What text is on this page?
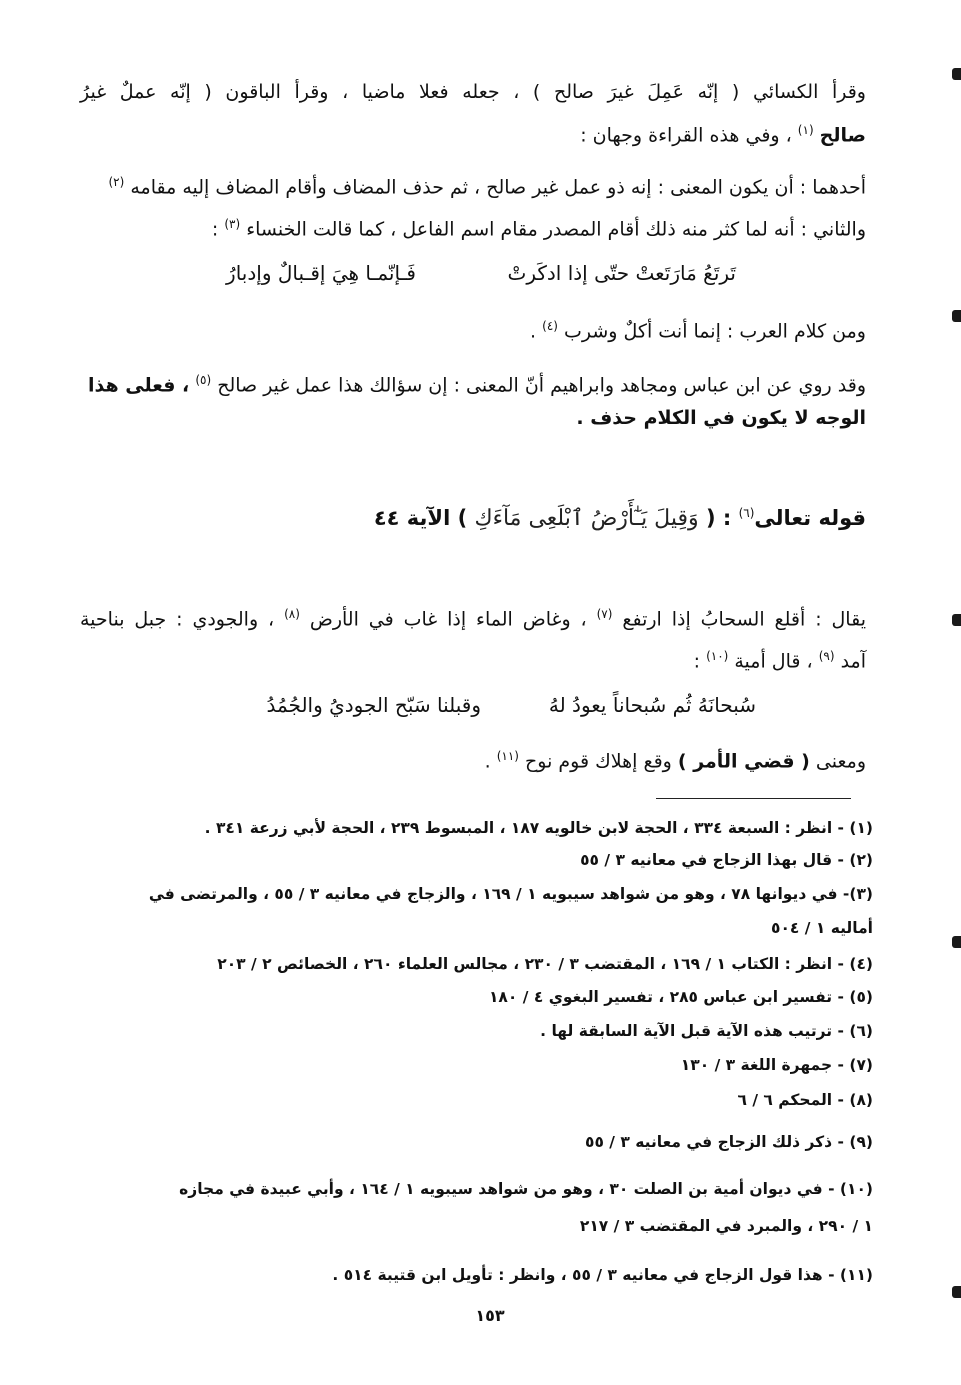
وقرأ الكسائي ( إنّه عَمِلَ غيرَ صالح ) ، جعله فعلا ماضيا ، وقرأ الباقون ( إنّه عملٌ غيرُ
صالح $^{(١)}$ ، وفي هذه القراءة وجهان :
أحدهما : أن يكون المعنى : إنه ذو عمل غير صالح ، ثم حذف المضاف وأقام المضاف إليه مقامه $^{(٢)}$
والثاني : أنه لما كثر منه ذلك أقام المصدر مقام اسم الفاعل ، كما قالت الخنساء $^{(٣)}$ :
تَرتَعُ مَارَتَعتْ حتّى إذا ادكَرتْ
فَـإنّمـا هِيَ إقـبالٌ وإدبارُ
ومن كلام العرب : إنما أنت أكلٌ وشرب $^{(٤)}$ .
وقد روي عن ابن عباس ومجاهد وابراهيم أنّ المعنى : إن سؤالك هذا عمل غير صالح $^{(٥)}$ ، فعلى هذا
الوجه لا يكون في الكلام حذف .
قوله تعالى$^{(٦)}$ : ( وَقِيلَ يَـٰٓأَرْضُ ٱبْلَعِى مَآءَكِ ) الآية ٤٤
يقال : أقلع السحابُ إذا ارتفع $^{(٧)}$ ، وغاض الماء إذا غاب في الأرض $^{(٨)}$ ، والجودي : جبل بناحية
آمد $^{(٩)}$ ، قال أمية $^{(١٠)}$ :
سُبحانَهُ ثُم سُبحاناً يعودُ لهُ
وقبلنا سَبّح الجوديُ والجُمُدُ
ومعنى ( قضي الأمر ) وقع إهلاك قوم نوح $^{(١١)}$ .
(١) - انظر : السبعة ٣٣٤ ، الحجة لابن خالويه ١٨٧ ، المبسوط ٢٣٩ ، الحجة لأبي زرعة ٣٤١ .
(٢) - قال بهذا الزجاج في معانيه ٣ / ٥٥
(٣)- في ديوانها ٧٨ ، وهو من شواهد سيبويه ١ / ١٦٩ ، والزجاج في معانيه ٣ / ٥٥ ، والمرتضى في
أماليه ١ / ٥٠٤
(٤) - انظر : الكتاب ١ / ١٦٩ ، المقتضب ٣ / ٢٣٠ ، مجالس العلماء ٢٦٠ ، الخصائص ٢ / ٢٠٣
(٥) - تفسير ابن عباس ٢٨٥ ، تفسير البغوي ٤ / ١٨٠
(٦) - ترتيب هذه الآية قبل الآية السابقة لها .
(٧) - جمهرة اللغة ٣ / ١٣٠
(٨) - المحكم ٦ / ٦
(٩) - ذكر ذلك الزجاج في معانيه ٣ / ٥٥
(١٠) - في ديوان أمية بن الصلت ٣٠ ، وهو من شواهد سيبويه ١ / ١٦٤ ، وأبي عبيدة في مجازه
١ / ٢٩٠ ، والمبرد في المقتضب ٣ / ٢١٧
(١١) - هذا قول الزجاج في معانيه ٣ / ٥٥ ، وانظر : تأويل ابن قتيبة ٥١٤ .
١٥٣
